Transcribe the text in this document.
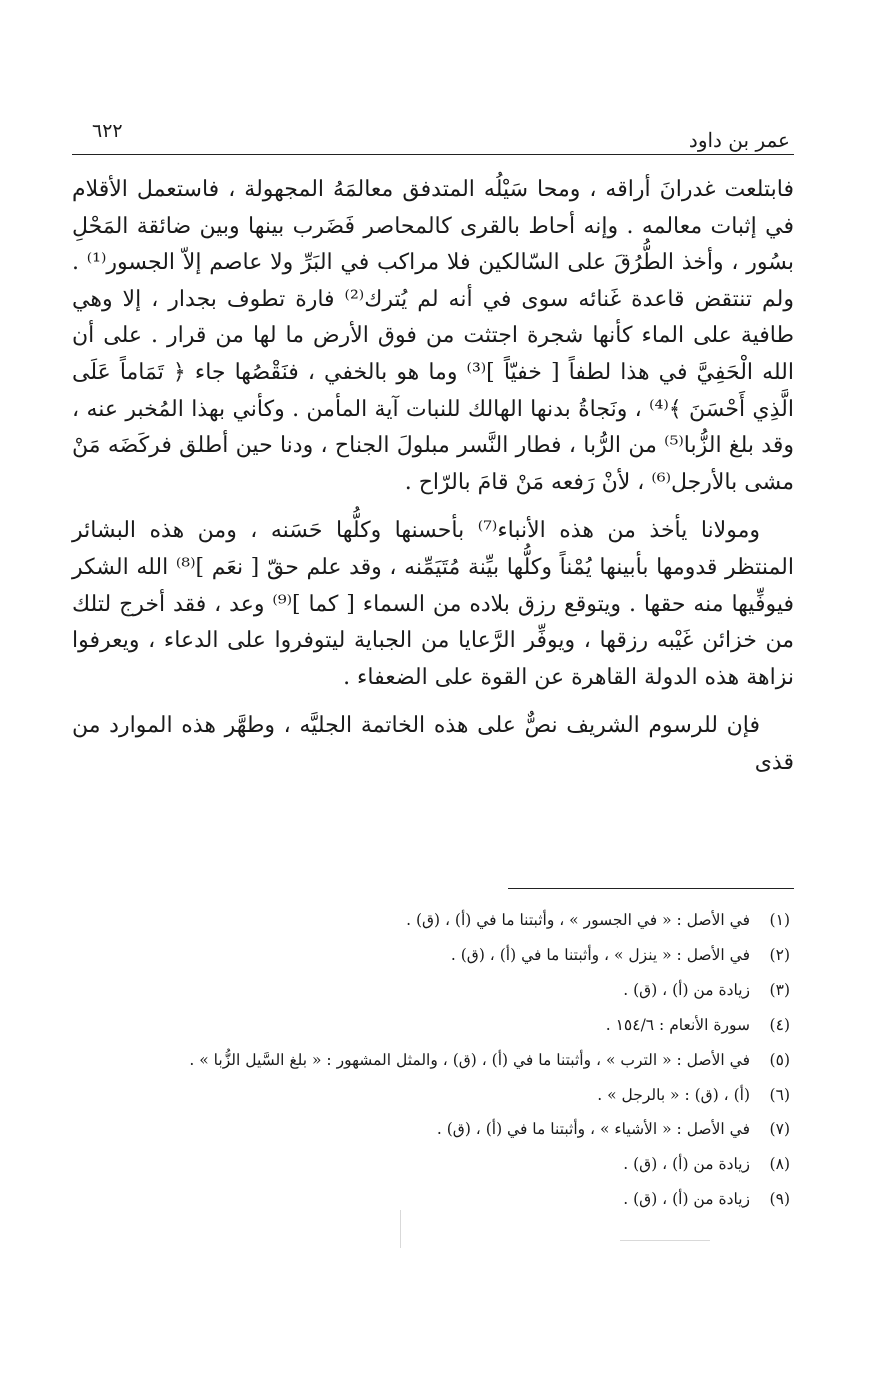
عمر بن داود
٦٢٢

فابتلعت غدرانَ أراقه ، ومحا سَيْلُه المتدفق معالمَهُ المجهولة ، فاستعمل الأقلام في إثبات معالمه . وإنه أحاط بالقرى كالمحاصر فَضَرب بينها وبين ضائقة المَحْلِ بسُور ، وأخذ الطُّرُقَ على السّالكين فلا مراكب في البَرِّ ولا عاصم إلاّ الجسور⁽¹⁾ . ولم تنتقض قاعدة غَنائه سوى في أنه لم يُترك⁽²⁾ فارة تطوف بجدار ، إلا وهي طافية على الماء كأنها شجرة اجتثت من فوق الأرض ما لها من قرار . على أن الله الْحَفِيَّ في هذا لطفاً [ خفيّاً ]⁽³⁾ وما هو بالخفي ، فنَقْصُها جاء ﴿ تَمَاماً عَلَى الَّذِي أَحْسَنَ ﴾⁽⁴⁾ ، ونَجاةُ بدنها الهالك للنبات آية المأمن . وكأني بهذا المُخبر عنه ، وقد بلغ الزُّبا⁽⁵⁾ من الرُّبا ، فطار النَّسر مبلولَ الجناح ، ودنا حين أطلق فركَضَه مَنْ مشى بالأرجل⁽⁶⁾ ، لأنْ رَفعه مَنْ قامَ بالرّاح .

ومولانا يأخذ من هذه الأنباء⁽⁷⁾ بأحسنها وكلُّها حَسَنه ، ومن هذه البشائر المنتظر قدومها بأبينها يُمْناً وكلُّها بيِّنة مُتَيَمِّنه ، وقد علم حقّ [ نعَم ]⁽⁸⁾ الله الشكر فيوفِّيها منه حقها . ويتوقع رزق بلاده من السماء [ كما ]⁽⁹⁾ وعد ، فقد أخرج لتلك من خزائن غَيْبه رزقها ، ويوفِّر الرَّعايا من الجباية ليتوفروا على الدعاء ، ويعرفوا نزاهة هذه الدولة القاهرة عن القوة على الضعفاء .

فإن للرسوم الشريف نصٌّ على هذه الخاتمة الجليَّه ، وطهَّر هذه الموارد من قذى

(١)
في الأصل : « في الجسور » ، وأثبتنا ما في (أ) ، (ق) .
(٢)
في الأصل : « ينزل » ، وأثبتنا ما في (أ) ، (ق) .
(٣)
زيادة من (أ) ، (ق) .
(٤)
سورة الأنعام : ١٥٤/٦ .
(٥)
في الأصل : « الترب » ، وأثبتنا ما في (أ) ، (ق) ، والمثل المشهور : « بلغ السَّيل الزُّبا » .
(٦)
(أ) ، (ق) : « بالرجل » .
(٧)
في الأصل : « الأشياء » ، وأثبتنا ما في (أ) ، (ق) .
(٨)
زيادة من (أ) ، (ق) .
(٩)
زيادة من (أ) ، (ق) .
